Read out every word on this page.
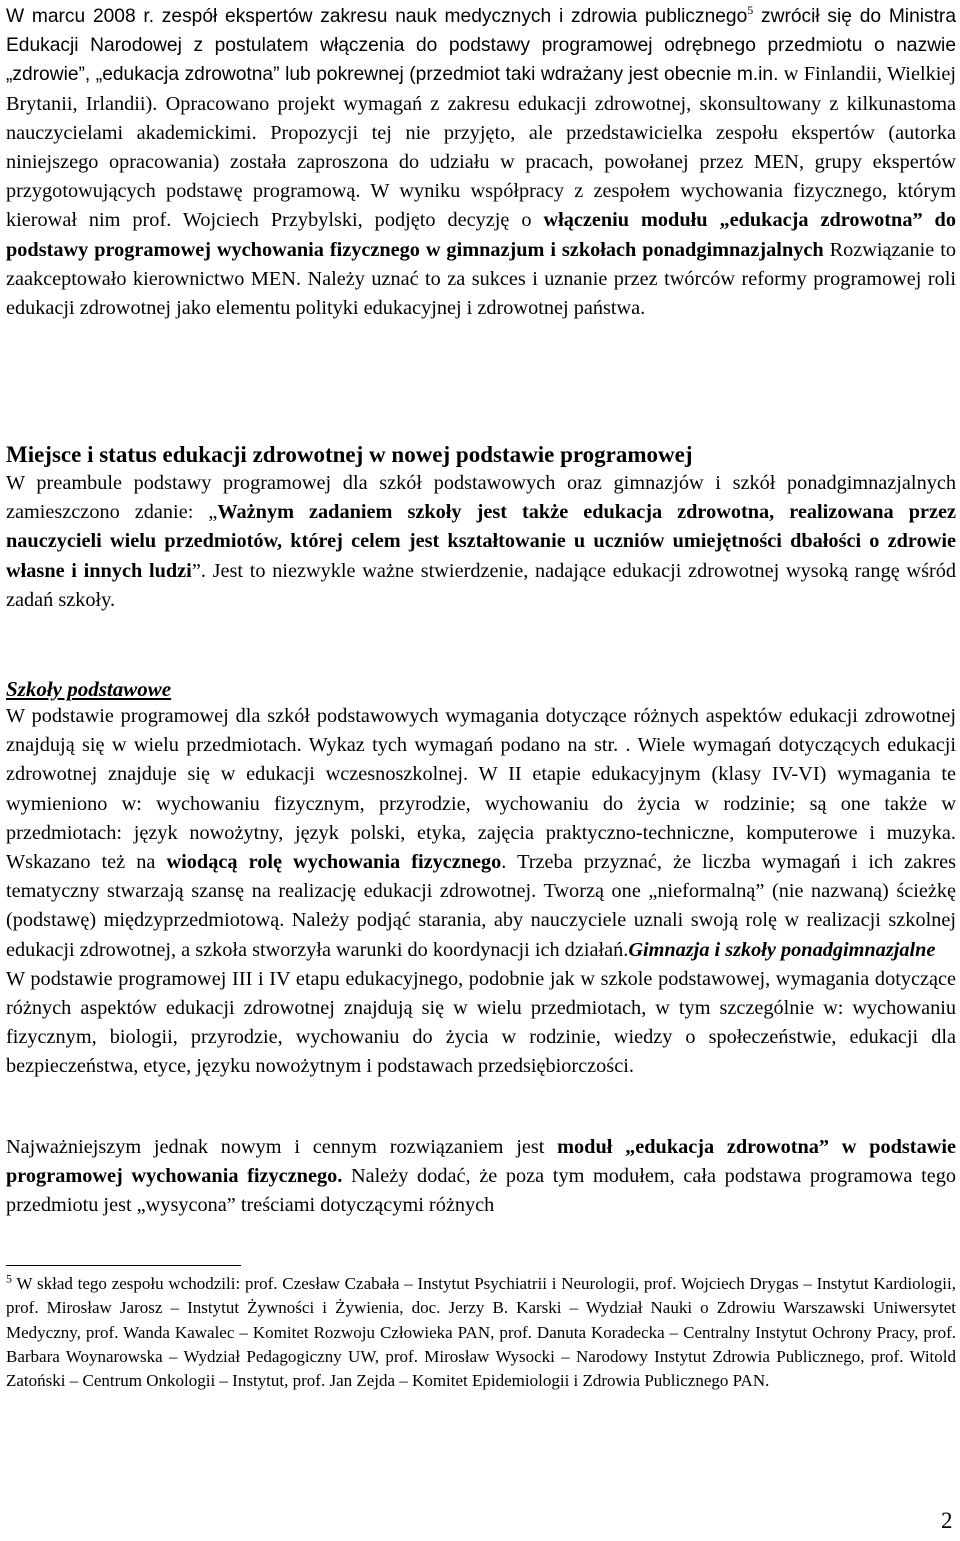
W marcu 2008 r. zespół ekspertów zakresu nauk medycznych i zdrowia publicznego$^5$ zwrócił się do Ministra Edukacji Narodowej z postulatem włączenia do podstawy programowej odrębnego przedmiotu o nazwie „zdrowie”, „edukacja zdrowotna” lub pokrewnej (przedmiot taki wdrażany jest obecnie m.in. w Finlandii, Wielkiej Brytanii, Irlandii). Opracowano projekt wymagań z zakresu edukacji zdrowotnej, skonsultowany z kilkunastoma nauczycielami akademickimi. Propozycji tej nie przyjęto, ale przedstawicielka zespołu ekspertów (autorka niniejszego opracowania) została zaproszona do udziału w pracach, powołanej przez MEN, grupy ekspertów przygotowujących podstawę programową. W wyniku współpracy z zespołem wychowania fizycznego, którym kierował nim prof. Wojciech Przybylski, podjęto decyzję o włączeniu modułu „edukacja zdrowotna” do podstawy programowej wychowania fizycznego w gimnazjum i szkołach ponadgimnazjalnych Rozwiązanie to zaakceptowało kierownictwo MEN. Należy uznać to za sukces i uznanie przez twórców reformy programowej roli edukacji zdrowotnej jako elementu polityki edukacyjnej i zdrowotnej państwa.

Miejsce i status edukacji zdrowotnej w nowej podstawie programowej

W preambule podstawy programowej dla szkół podstawowych oraz gimnazjów i szkół ponadgimnazjalnych zamieszczono zdanie: „Ważnym zadaniem szkoły jest także edukacja zdrowotna, realizowana przez nauczycieli wielu przedmiotów, której celem jest kształtowanie u uczniów umiejętności dbałości o zdrowie własne i innych ludzi”. Jest to niezwykle ważne stwierdzenie, nadające edukacji zdrowotnej wysoką rangę wśród zadań szkoły.

Szkoły podstawowe

W podstawie programowej dla szkół podstawowych wymagania dotyczące różnych aspektów edukacji zdrowotnej znajdują się w wielu przedmiotach. Wykaz tych wymagań podano na str. . Wiele wymagań dotyczących edukacji zdrowotnej znajduje się w edukacji wczesnoszkolnej. W II etapie edukacyjnym (klasy IV-VI) wymagania te wymieniono w: wychowaniu fizycznym, przyrodzie, wychowaniu do życia w rodzinie; są one także w przedmiotach: język nowożytny, język polski, etyka, zajęcia praktyczno-techniczne, komputerowe i muzyka. Wskazano też na wiodącą rolę wychowania fizycznego. Trzeba przyznać, że liczba wymagań i ich zakres tematyczny stwarzają szansę na realizację edukacji zdrowotnej. Tworzą one „nieformalną” (nie nazwaną) ścieżkę (podstawę) międzyprzedmiotową. Należy podjąć starania, aby nauczyciele uznali swoją rolę w realizacji szkolnej edukacji zdrowotnej, a szkoła stworzyła warunki do koordynacji ich działań.Gimnazja i szkoły ponadgimnazjalne
W podstawie programowej III i IV etapu edukacyjnego, podobnie jak w szkole podstawowej, wymagania dotyczące różnych aspektów edukacji zdrowotnej znajdują się w wielu przedmiotach, w tym szczególnie w: wychowaniu fizycznym, biologii, przyrodzie, wychowaniu do życia w rodzinie, wiedzy o społeczeństwie, edukacji dla bezpieczeństwa, etyce, języku nowożytnym i podstawach przedsiębiorczości.

Najważniejszym jednak nowym i cennym rozwiązaniem jest moduł „edukacja zdrowotna” w podstawie programowej wychowania fizycznego. Należy dodać, że poza tym modułem, cała podstawa programowa tego przedmiotu jest „wysycona” treściami dotyczącymi różnych

$^5$ W skład tego zespołu wchodzili: prof. Czesław Czabała – Instytut Psychiatrii i Neurologii, prof. Wojciech Drygas – Instytut Kardiologii, prof. Mirosław Jarosz – Instytut Żywności i Żywienia, doc. Jerzy B. Karski – Wydział Nauki o Zdrowiu Warszawski Uniwersytet Medyczny, prof. Wanda Kawalec – Komitet Rozwoju Człowieka PAN, prof. Danuta Koradecka – Centralny Instytut Ochrony Pracy, prof. Barbara Woynarowska – Wydział Pedagogiczny UW, prof. Mirosław Wysocki – Narodowy Instytut Zdrowia Publicznego, prof. Witold Zatoński – Centrum Onkologii – Instytut, prof. Jan Zejda – Komitet Epidemiologii i Zdrowia Publicznego PAN.

2
